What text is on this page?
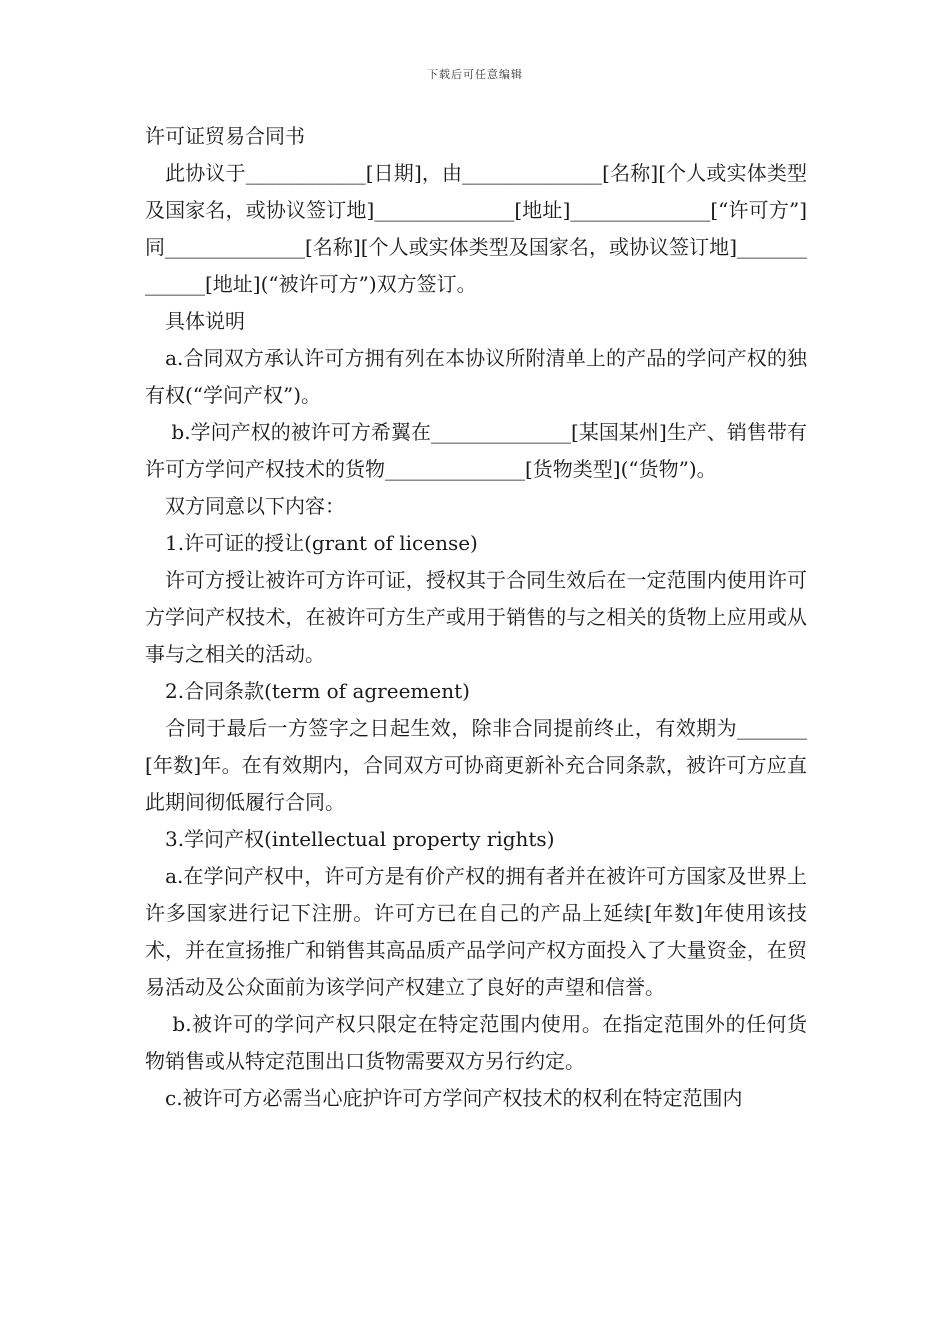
下载后可任意编辑

许可证贸易合同书

　此协议于____________[日期]，由______________[名称][个人或实体类型及国家名，或协议签订地]______________[地址]______________[“许可方”]同______________[名称][个人或实体类型及国家名，或协议签订地]_____________[地址](“被许可方”)双方签订。

　具体说明

　a.合同双方承认许可方拥有列在本协议所附清单上的产品的学问产权的独有权(“学问产权”)。

　 b.学问产权的被许可方希翼在______________[某国某州]生产、销售带有许可方学问产权技术的货物______________[货物类型](“货物”)。

　双方同意以下内容：

　1.许可证的授让(grant of license)

　许可方授让被许可方许可证，授权其于合同生效后在一定范围内使用许可方学问产权技术，在被许可方生产或用于销售的与之相关的货物上应用或从事与之相关的活动。

　2.合同条款(term of agreement)

　合同于最后一方签字之日起生效，除非合同提前终止，有效期为_______[年数]年。在有效期内，合同双方可协商更新补充合同条款，被许可方应直此期间彻低履行合同。

　3.学问产权(intellectual property rights)

　a.在学问产权中，许可方是有价产权的拥有者并在被许可方国家及世界上许多国家进行记下注册。许可方已在自己的产品上延续[年数]年使用该技术，并在宣扬推广和销售其高品质产品学问产权方面投入了大量资金，在贸易活动及公众面前为该学问产权建立了良好的声望和信誉。

　 b.被许可的学问产权只限定在特定范围内使用。在指定范围外的任何货物销售或从特定范围出口货物需要双方另行约定。

　c.被许可方必需当心庇护许可方学问产权技术的权利在特定范围内
